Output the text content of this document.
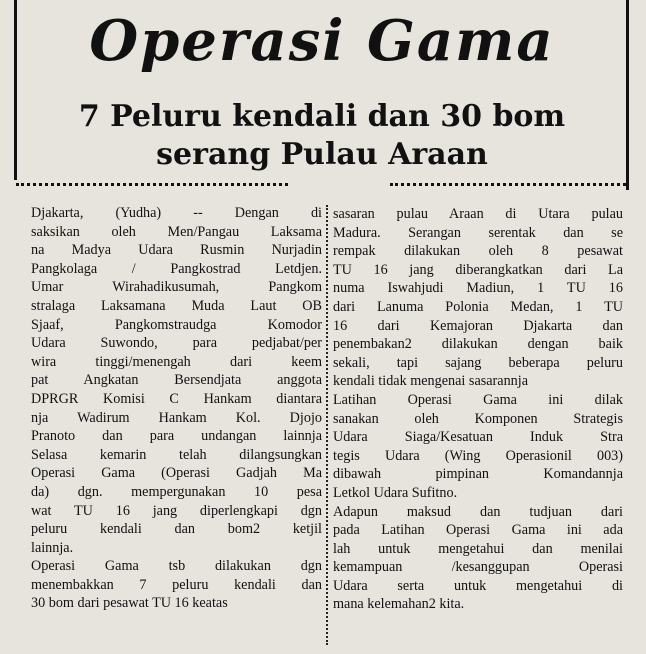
Operasi Gama
7 Peluru kendali dan 30 bom
serang Pulau Araan
Djakarta, (Yudha) -- Dengan di
saksikan oleh Men/Pangau Laksama
na Madya Udara Rusmin Nurjadin
Pangkolaga / Pangkostrad Letdjen.
Umar Wirahadikusumah, Pangkom
stralaga Laksamana Muda Laut OB
Sjaaf, Pangkomstraudga Komodor
Udara Suwondo, para pedjabat/per
wira tinggi/menengah dari keem
pat Angkatan Bersendjata anggota
DPRGR Komisi C Hankam diantara
nja Wadirum Hankam Kol. Djojo
Pranoto dan para undangan lainnja
Selasa kemarin telah dilangsungkan
Operasi Gama (Operasi Gadjah Ma
da) dgn. mempergunakan 10 pesa
wat TU 16 jang diperlengkapi dgn
peluru kendali dan bom2 ketjil
lainnja.
Operasi Gama tsb dilakukan dgn
menembakkan 7 peluru kendali dan
30 bom dari pesawat TU 16 keatas
sasaran pulau Araan di Utara pulau
Madura. Serangan serentak dan se
rempak dilakukan oleh 8 pesawat
TU 16 jang diberangkatkan dari La
numa Iswahjudi Madiun, 1 TU 16
dari Lanuma Polonia Medan, 1 TU
16 dari Kemajoran Djakarta dan
penembakan2 dilakukan dengan baik
sekali, tapi sajang beberapa peluru
kendali tidak mengenai sasarannja
Latihan Operasi Gama ini dilak
sanakan oleh Komponen Strategis
Udara Siaga/Kesatuan Induk Stra
tegis Udara (Wing Operasionil 003)
dibawah pimpinan Komandannja
Letkol Udara Sufitno.
Adapun maksud dan tudjuan dari
pada Latihan Operasi Gama ini ada
lah untuk mengetahui dan menilai
kemampuan /kesanggupan Operasi
Udara serta untuk mengetahui di
mana kelemahan2 kita.
